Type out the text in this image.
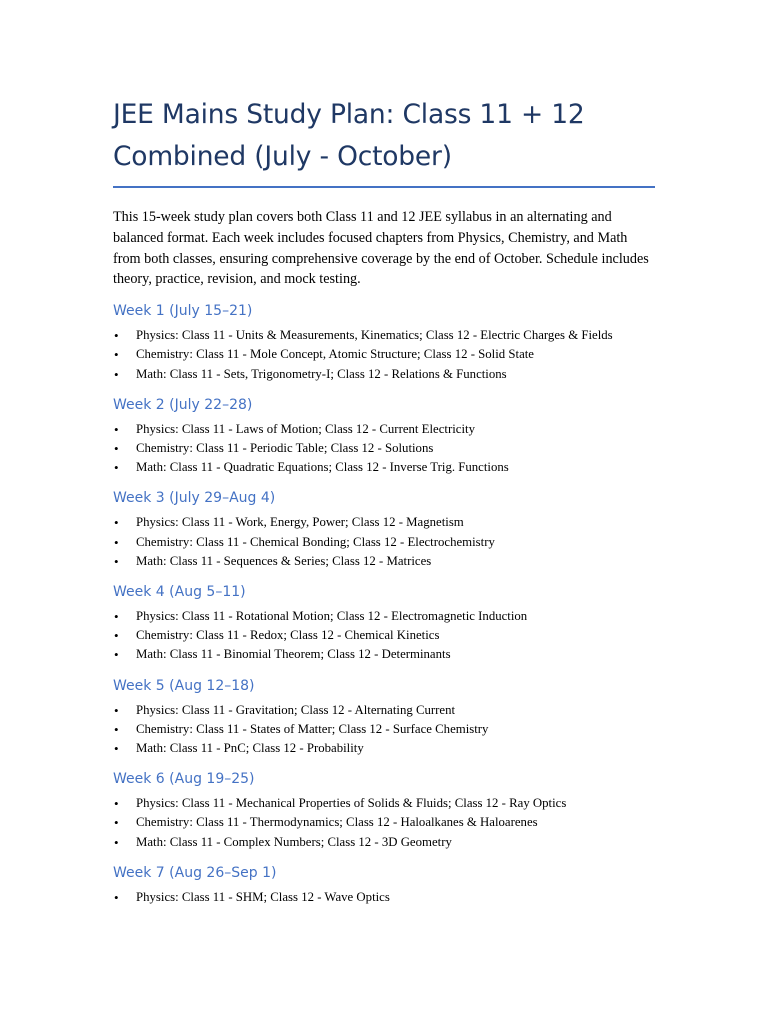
JEE Mains Study Plan: Class 11 + 12 Combined (July - October)

This 15-week study plan covers both Class 11 and 12 JEE syllabus in an alternating and balanced format. Each week includes focused chapters from Physics, Chemistry, and Math from both classes, ensuring comprehensive coverage by the end of October. Schedule includes theory, practice, revision, and mock testing.

Week 1 (July 15–21)
• Physics: Class 11 - Units & Measurements, Kinematics; Class 12 - Electric Charges & Fields
• Chemistry: Class 11 - Mole Concept, Atomic Structure; Class 12 - Solid State
• Math: Class 11 - Sets, Trigonometry-I; Class 12 - Relations & Functions
Week 2 (July 22–28)
• Physics: Class 11 - Laws of Motion; Class 12 - Current Electricity
• Chemistry: Class 11 - Periodic Table; Class 12 - Solutions
• Math: Class 11 - Quadratic Equations; Class 12 - Inverse Trig. Functions
Week 3 (July 29–Aug 4)
• Physics: Class 11 - Work, Energy, Power; Class 12 - Magnetism
• Chemistry: Class 11 - Chemical Bonding; Class 12 - Electrochemistry
• Math: Class 11 - Sequences & Series; Class 12 - Matrices
Week 4 (Aug 5–11)
• Physics: Class 11 - Rotational Motion; Class 12 - Electromagnetic Induction
• Chemistry: Class 11 - Redox; Class 12 - Chemical Kinetics
• Math: Class 11 - Binomial Theorem; Class 12 - Determinants
Week 5 (Aug 12–18)
• Physics: Class 11 - Gravitation; Class 12 - Alternating Current
• Chemistry: Class 11 - States of Matter; Class 12 - Surface Chemistry
• Math: Class 11 - PnC; Class 12 - Probability
Week 6 (Aug 19–25)
• Physics: Class 11 - Mechanical Properties of Solids & Fluids; Class 12 - Ray Optics
• Chemistry: Class 11 - Thermodynamics; Class 12 - Haloalkanes & Haloarenes
• Math: Class 11 - Complex Numbers; Class 12 - 3D Geometry
Week 7 (Aug 26–Sep 1)
• Physics: Class 11 - SHM; Class 12 - Wave Optics
